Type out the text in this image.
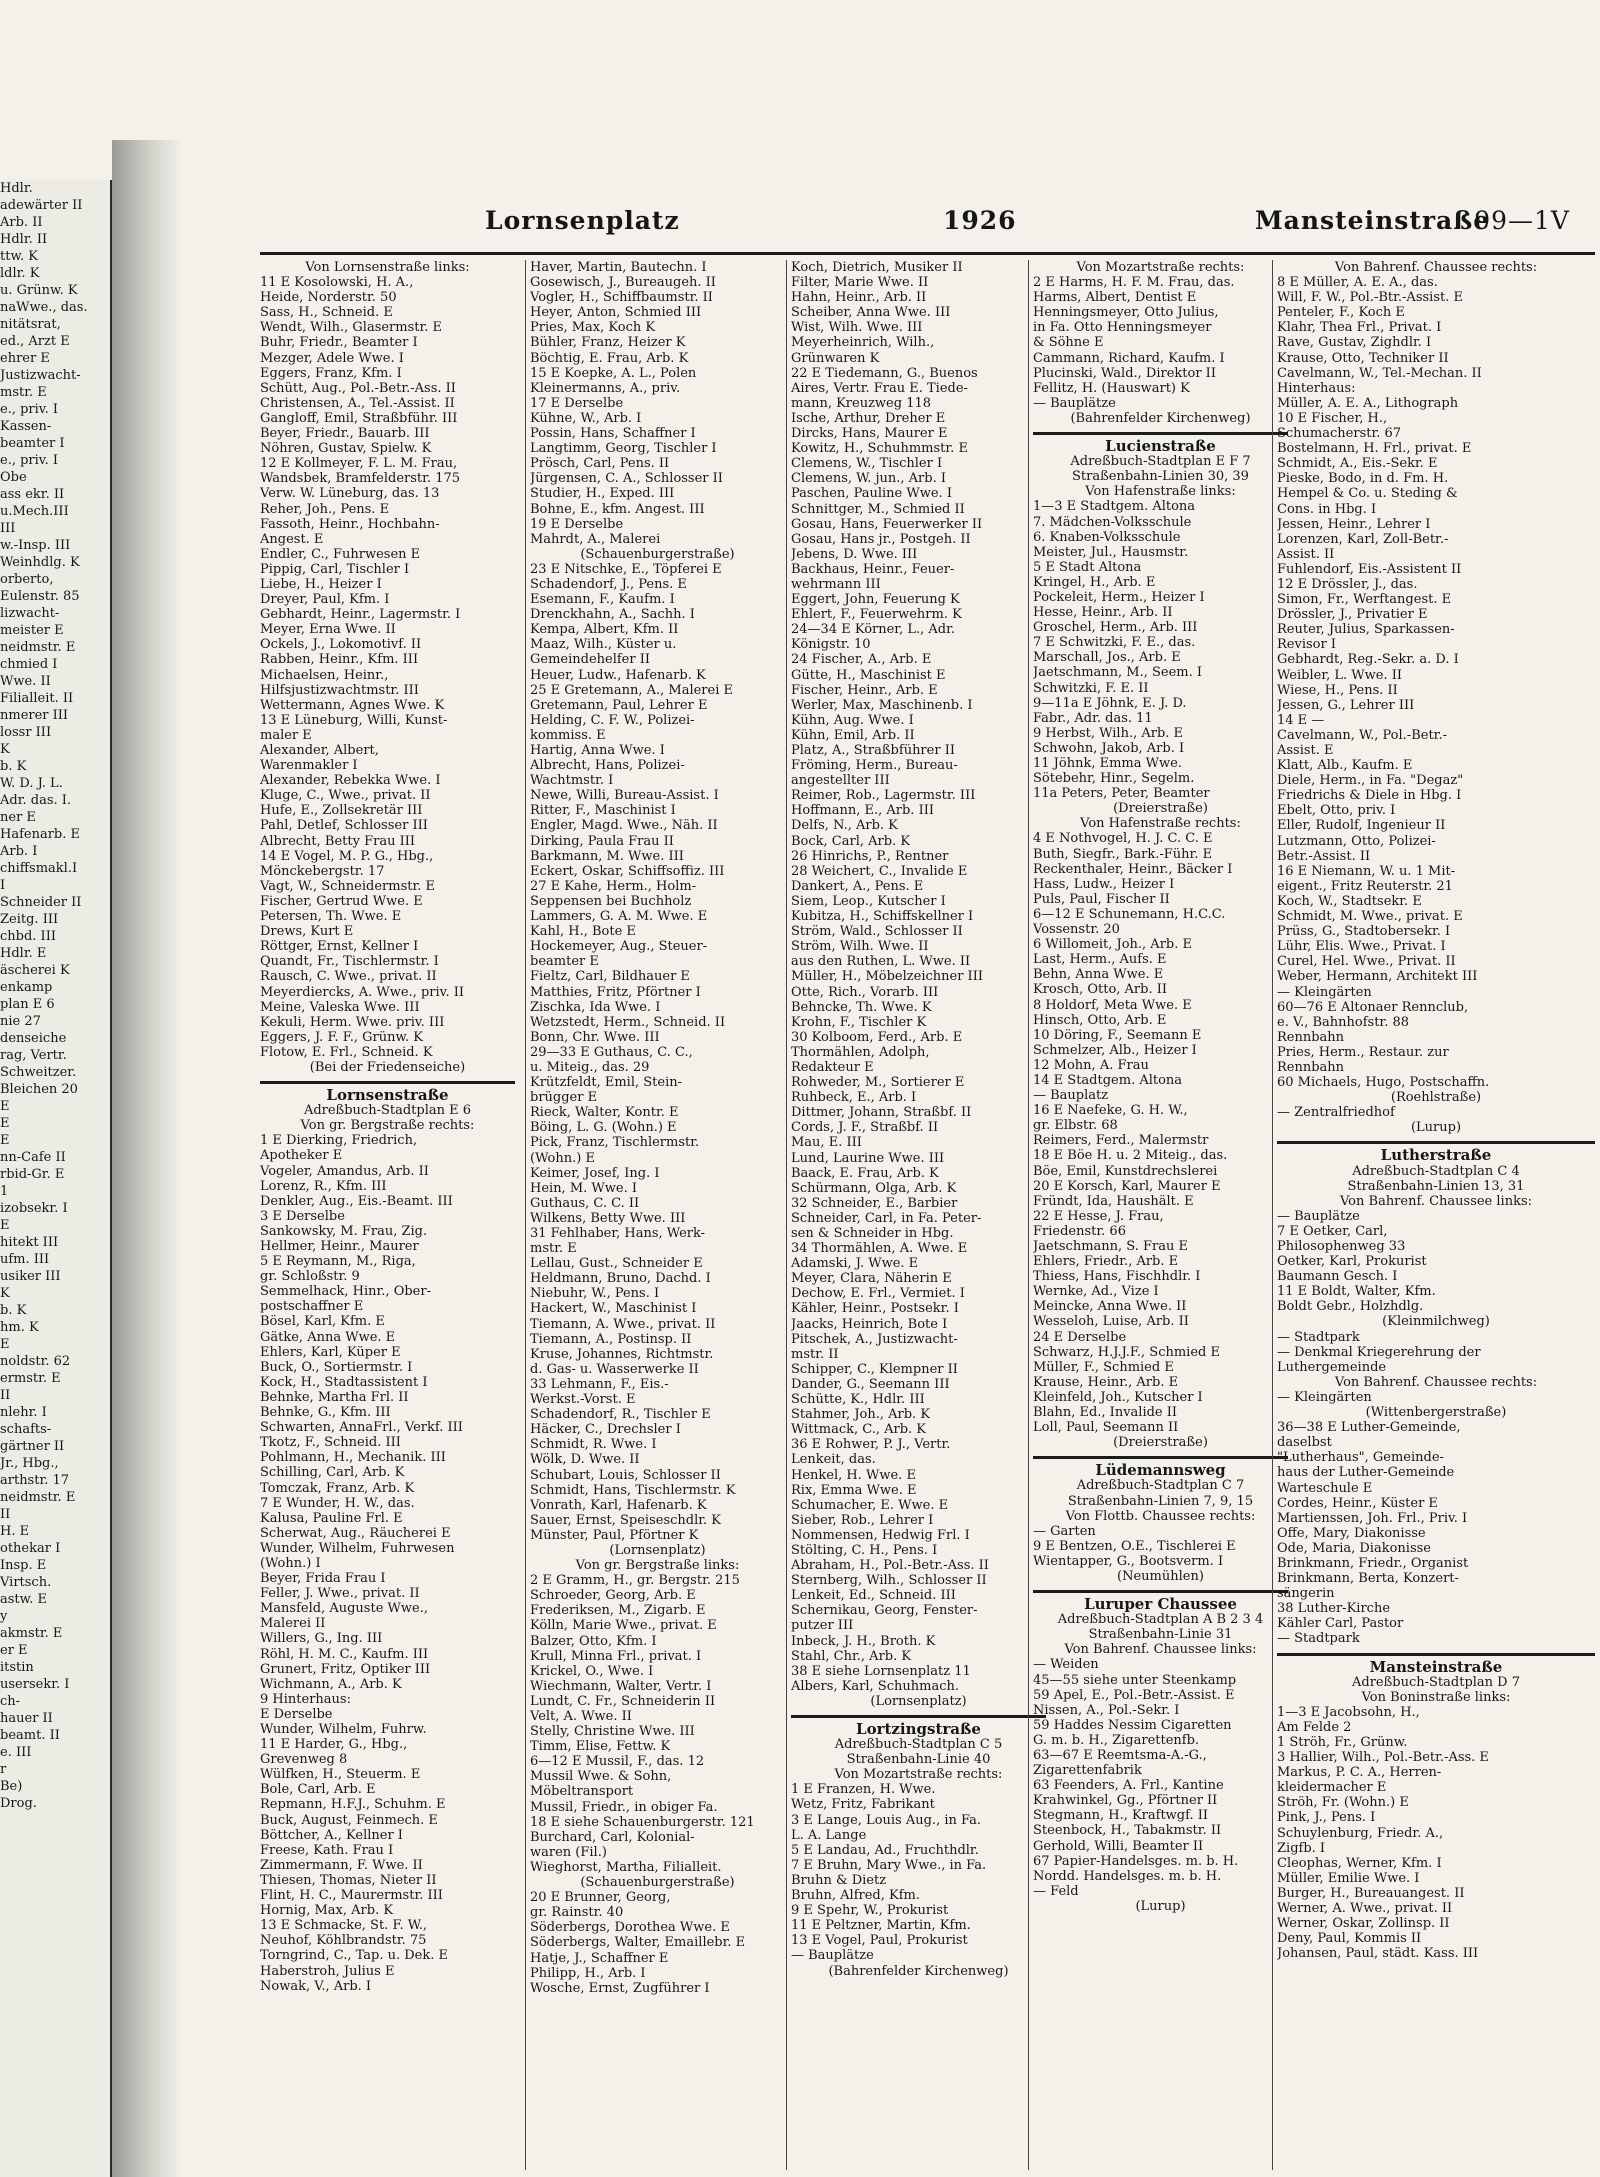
Hdlr.
adewärter II
Arb. II
Hdlr. II
ttw. K
ldlr. K
u. Grünw. K
naWwe., das.
nitätsrat,
ed., Arzt E
ehrer E
Justizwacht-
mstr. E
e., priv. I
Kassen-
beamter I
e., priv. I
Obe
ass ekr. II
u.Mech.III
III
w.-Insp. III
Weinhdlg. K
orberto,
Eulenstr. 85
lizwacht-
meister E
neidmstr. E
chmied I
Wwe. II
Filialleit. II
nmerer III
lossr III
K
b. K
W. D. J. L.
Adr. das. I.
ner E
Hafenarb. E
Arb. I
chiffsmakl.I
I
Schneider II
Zeitg. III
chbd. III
Hdlr. E
äscherei K
enkamp
plan E 6
nie 27
denseiche
rag, Vertr.
Schweitzer.
Bleichen 20
E
E
E
nn-Cafe II
rbid-Gr. E
1
izobsekr. I
E
hitekt III
ufm. III
usiker III
K
b. K
hm. K
E
noldstr. 62
ermstr. E
II
nlehr. I
schafts-
gärtner II
Jr., Hbg.,
arthstr. 17
neidmstr. E
II
H. E
othekar I
Insp. E
Virtsch.
astw. E
y
akmstr. E
er E
itstin
usersekr. I
ch-
hauer II
beamt. II
e. III
r
Be)
Drog.
Lornsenplatz	1926	Mansteinstraße
99—1V
Von Lornsenstraße links:
11 E Kosolowski, H. A.,
Heide, Norderstr. 50
Sass, H., Schneid. E
Wendt, Wilh., Glasermstr. E
Buhr, Friedr., Beamter I
Mezger, Adele Wwe. I
Eggers, Franz, Kfm. I
Schütt, Aug., Pol.-Betr.-Ass. II
Christensen, A., Tel.-Assist. II
Gangloff, Emil, Straßbführ. III
Beyer, Friedr., Bauarb. III
Nöhren, Gustav, Spielw. K
12 E Kollmeyer, F. L. M. Frau,
Wandsbek, Bramfelderstr. 175
Verw. W. Lüneburg, das. 13
Reher, Joh., Pens. E
Fassoth, Heinr., Hochbahn-
Angest. E
Endler, C., Fuhrwesen E
Pippig, Carl, Tischler I
Liebe, H., Heizer I
Dreyer, Paul, Kfm. I
Gebhardt, Heinr., Lagermstr. I
Meyer, Erna Wwe. II
Ockels, J., Lokomotivf. II
Rabben, Heinr., Kfm. III
Michaelsen, Heinr.,
Hilfsjustizwachtmstr. III
Wettermann, Agnes Wwe. K
13 E Lüneburg, Willi, Kunst-
maler E
Alexander, Albert,
Warenmakler I
Alexander, Rebekka Wwe. I
Kluge, C., Wwe., privat. II
Hufe, E., Zollsekretär III
Pahl, Detlef, Schlosser III
Albrecht, Betty Frau III
14 E Vogel, M. P. G., Hbg.,
Mönckebergstr. 17
Vagt, W., Schneidermstr. E
Fischer, Gertrud Wwe. E
Petersen, Th. Wwe. E
Drews, Kurt E
Röttger, Ernst, Kellner I
Quandt, Fr., Tischlermstr. I
Rausch, C. Wwe., privat. II
Meyerdiercks, A. Wwe., priv. II
Meine, Valeska Wwe. III
Kekuli, Herm. Wwe. priv. III
Eggers, J. F. F., Grünw. K
Flotow, E. Frl., Schneid. K
(Bei der Friedenseiche)
Lornsenstraße
Adreßbuch-Stadtplan E 6
Von gr. Bergstraße rechts:
1 E Dierking, Friedrich,
Apotheker E
Vogeler, Amandus, Arb. II
Lorenz, R., Kfm. III
Denkler, Aug., Eis.-Beamt. III
3 E Derselbe
Sankowsky, M. Frau, Zig.
Hellmer, Heinr., Maurer
5 E Reymann, M., Riga,
gr. Schloßstr. 9
Semmelhack, Hinr., Ober-
postschaffner E
Bösel, Karl, Kfm. E
Gätke, Anna Wwe. E
Ehlers, Karl, Küper E
Buck, O., Sortiermstr. I
Kock, H., Stadtassistent I
Behnke, Martha Frl. II
Behnke, G., Kfm. III
Schwarten, AnnaFrl., Verkf. III
Tkotz, F., Schneid. III
Pohlmann, H., Mechanik. III
Schilling, Carl, Arb. K
Tomczak, Franz, Arb. K
7 E Wunder, H. W., das.
Kalusa, Pauline Frl. E
Scherwat, Aug., Räucherei E
Wunder, Wilhelm, Fuhrwesen
(Wohn.) I
Beyer, Frida Frau I
Feller, J. Wwe., privat. II
Mansfeld, Auguste Wwe.,
Malerei II
Willers, G., Ing. III
Röhl, H. M. C., Kaufm. III
Grunert, Fritz, Optiker III
Wichmann, A., Arb. K
9 Hinterhaus:
E Derselbe
Wunder, Wilhelm, Fuhrw.
11 E Harder, G., Hbg.,
Grevenweg 8
Wülfken, H., Steuerm. E
Bole, Carl, Arb. E
Repmann, H.F.J., Schuhm. E
Buck, August, Feinmech. E
Böttcher, A., Kellner I
Freese, Kath. Frau I
Zimmermann, F. Wwe. II
Thiesen, Thomas, Nieter II
Flint, H. C., Maurermstr. III
Hornig, Max, Arb. K
13 E Schmacke, St. F. W.,
Neuhof, Köhlbrandstr. 75
Torngrind, C., Tap. u. Dek. E
Haberstroh, Julius E
Nowak, V., Arb. I
Haver, Martin, Bautechn. I
Gosewisch, J., Bureaugeh. II
Vogler, H., Schiffbaumstr. II
Heyer, Anton, Schmied III
Pries, Max, Koch K
Bühler, Franz, Heizer K
Böchtig, E. Frau, Arb. K
15 E Koepke, A. L., Polen
Kleinermanns, A., priv.
17 E Derselbe
Kühne, W., Arb. I
Possin, Hans, Schaffner I
Langtimm, Georg, Tischler I
Prösch, Carl, Pens. II
Jürgensen, C. A., Schlosser II
Studier, H., Exped. III
Bohne, E., kfm. Angest. III
19 E Derselbe
Mahrdt, A., Malerei
(Schauenburgerstraße)
23 E Nitschke, E., Töpferei E
Schadendorf, J., Pens. E
Esemann, F., Kaufm. I
Drenckhahn, A., Sachh. I
Kempa, Albert, Kfm. II
Maaz, Wilh., Küster u.
Gemeindehelfer II
Heuer, Ludw., Hafenarb. K
25 E Gretemann, A., Malerei E
Gretemann, Paul, Lehrer E
Helding, C. F. W., Polizei-
kommiss. E
Hartig, Anna Wwe. I
Albrecht, Hans, Polizei-
Wachtmstr. I
Newe, Willi, Bureau-Assist. I
Ritter, F., Maschinist I
Engler, Magd. Wwe., Näh. II
Dirking, Paula Frau II
Barkmann, M. Wwe. III
Eckert, Oskar, Schiffsoffiz. III
27 E Kahe, Herm., Holm-
Seppensen bei Buchholz
Lammers, G. A. M. Wwe. E
Kahl, H., Bote E
Hockemeyer, Aug., Steuer-
beamter E
Fieltz, Carl, Bildhauer E
Matthies, Fritz, Pförtner I
Zischka, Ida Wwe. I
Wetzstedt, Herm., Schneid. II
Bonn, Chr. Wwe. III
29—33 E Guthaus, C. C.,
u. Miteig., das. 29
Krützfeldt, Emil, Stein-
brügger E
Rieck, Walter, Kontr. E
Böing, L. G. (Wohn.) E
Pick, Franz, Tischlermstr.
(Wohn.) E
Keimer, Josef, Ing. I
Hein, M. Wwe. I
Guthaus, C. C. II
Wilkens, Betty Wwe. III
31 Fehlhaber, Hans, Werk-
mstr. E
Lellau, Gust., Schneider E
Heldmann, Bruno, Dachd. I
Niebuhr, W., Pens. I
Hackert, W., Maschinist I
Tiemann, A. Wwe., privat. II
Tiemann, A., Postinsp. II
Kruse, Johannes, Richtmstr.
d. Gas- u. Wasserwerke II
33 Lehmann, F., Eis.-
Werkst.-Vorst. E
Schadendorf, R., Tischler E
Häcker, C., Drechsler I
Schmidt, R. Wwe. I
Wölk, D. Wwe. II
Schubart, Louis, Schlosser II
Schmidt, Hans, Tischlermstr. K
Vonrath, Karl, Hafenarb. K
Sauer, Ernst, Speiseschdlr. K
Münster, Paul, Pförtner K
(Lornsenplatz)
Von gr. Bergstraße links:
2 E Gramm, H., gr. Bergstr. 215
Schroeder, Georg, Arb. E
Frederiksen, M., Zigarb. E
Kölln, Marie Wwe., privat. E
Balzer, Otto, Kfm. I
Krull, Minna Frl., privat. I
Krickel, O., Wwe. I
Wiechmann, Walter, Vertr. I
Lundt, C. Fr., Schneiderin II
Velt, A. Wwe. II
Stelly, Christine Wwe. III
Timm, Elise, Fettw. K
6—12 E Mussil, F., das. 12
Mussil Wwe. & Sohn,
Möbeltransport
Mussil, Friedr., in obiger Fa.
18 E siehe Schauenburgerstr. 121
Burchard, Carl, Kolonial-
waren (Fil.)
Wieghorst, Martha, Filialleit.
(Schauenburgerstraße)
20 E Brunner, Georg,
gr. Rainstr. 40
Söderbergs, Dorothea Wwe. E
Söderbergs, Walter, Emaillebr. E
Hatje, J., Schaffner E
Philipp, H., Arb. I
Wosche, Ernst, Zugführer I
Koch, Dietrich, Musiker II
Filter, Marie Wwe. II
Hahn, Heinr., Arb. II
Scheiber, Anna Wwe. III
Wist, Wilh. Wwe. III
Meyerheinrich, Wilh.,
Grünwaren K
22 E Tiedemann, G., Buenos
Aires, Vertr. Frau E. Tiede-
mann, Kreuzweg 118
Ische, Arthur, Dreher E
Dircks, Hans, Maurer E
Kowitz, H., Schuhmmstr. E
Clemens, W., Tischler I
Clemens, W. jun., Arb. I
Paschen, Pauline Wwe. I
Schnittger, M., Schmied II
Gosau, Hans, Feuerwerker II
Gosau, Hans jr., Postgeh. II
Jebens, D. Wwe. III
Backhaus, Heinr., Feuer-
wehrmann III
Eggert, John, Feuerung K
Ehlert, F., Feuerwehrm. K
24—34 E Körner, L., Adr.
Königstr. 10
24 Fischer, A., Arb. E
Gütte, H., Maschinist E
Fischer, Heinr., Arb. E
Werler, Max, Maschinenb. I
Kühn, Aug. Wwe. I
Kühn, Emil, Arb. II
Platz, A., Straßbführer II
Fröming, Herm., Bureau-
angestellter III
Reimer, Rob., Lagermstr. III
Hoffmann, E., Arb. III
Delfs, N., Arb. K
Bock, Carl, Arb. K
26 Hinrichs, P., Rentner
28 Weichert, C., Invalide E
Dankert, A., Pens. E
Siem, Leop., Kutscher I
Kubitza, H., Schiffskellner I
Ström, Wald., Schlosser II
Ström, Wilh. Wwe. II
aus den Ruthen, L. Wwe. II
Müller, H., Möbelzeichner III
Otte, Rich., Vorarb. III
Behncke, Th. Wwe. K
Krohn, F., Tischler K
30 Kolboom, Ferd., Arb. E
Thormählen, Adolph,
Redakteur E
Rohweder, M., Sortierer E
Ruhbeck, E., Arb. I
Dittmer, Johann, Straßbf. II
Cords, J. F., Straßbf. II
Mau, E. III
Lund, Laurine Wwe. III
Baack, E. Frau, Arb. K
Schürmann, Olga, Arb. K
32 Schneider, E., Barbier
Schneider, Carl, in Fa. Peter-
sen & Schneider in Hbg.
34 Thormählen, A. Wwe. E
Adamski, J. Wwe. E
Meyer, Clara, Näherin E
Dechow, E. Frl., Vermiet. I
Kähler, Heinr., Postsekr. I
Jaacks, Heinrich, Bote I
Pitschek, A., Justizwacht-
mstr. II
Schipper, C., Klempner II
Dander, G., Seemann III
Schütte, K., Hdlr. III
Stahmer, Joh., Arb. K
Wittmack, C., Arb. K
36 E Rohwer, P. J., Vertr.
Lenkeit, das.
Henkel, H. Wwe. E
Rix, Emma Wwe. E
Schumacher, E. Wwe. E
Sieber, Rob., Lehrer I
Nommensen, Hedwig Frl. I
Stölting, C. H., Pens. I
Abraham, H., Pol.-Betr.-Ass. II
Sternberg, Wilh., Schlosser II
Lenkeit, Ed., Schneid. III
Schernikau, Georg, Fenster-
putzer III
Inbeck, J. H., Broth. K
Stahl, Chr., Arb. K
38 E siehe Lornsenplatz 11
Albers, Karl, Schuhmach.
(Lornsenplatz)
Lortzingstraße
Adreßbuch-Stadtplan C 5
Straßenbahn-Linie 40
Von Mozartstraße rechts:
1 E Franzen, H. Wwe.
Wetz, Fritz, Fabrikant
3 E Lange, Louis Aug., in Fa.
L. A. Lange
5 E Landau, Ad., Fruchthdlr.
7 E Bruhn, Mary Wwe., in Fa.
Bruhn & Dietz
Bruhn, Alfred, Kfm.
9 E Spehr, W., Prokurist
11 E Peltzner, Martin, Kfm.
13 E Vogel, Paul, Prokurist
— Bauplätze
(Bahrenfelder Kirchenweg)
Von Mozartstraße rechts:
2 E Harms, H. F. M. Frau, das.
Harms, Albert, Dentist E
Henningsmeyer, Otto Julius,
in Fa. Otto Henningsmeyer
& Söhne E
Cammann, Richard, Kaufm. I
Plucinski, Wald., Direktor II
Fellitz, H. (Hauswart) K
— Bauplätze
(Bahrenfelder Kirchenweg)
Lucienstraße
Adreßbuch-Stadtplan E F 7
Straßenbahn-Linien 30, 39
Von Hafenstraße links:
1—3 E Stadtgem. Altona
7. Mädchen-Volksschule
6. Knaben-Volksschule
Meister, Jul., Hausmstr.
5 E Stadt Altona
Kringel, H., Arb. E
Pockeleit, Herm., Heizer I
Hesse, Heinr., Arb. II
Groschel, Herm., Arb. III
7 E Schwitzki, F. E., das.
Marschall, Jos., Arb. E
Jaetschmann, M., Seem. I
Schwitzki, F. E. II
9—11a E Jöhnk, E. J. D.
Fabr., Adr. das. 11
9 Herbst, Wilh., Arb. E
Schwohn, Jakob, Arb. I
11 Jöhnk, Emma Wwe.
Sötebehr, Hinr., Segelm.
11a Peters, Peter, Beamter
(Dreierstraße)
Von Hafenstraße rechts:
4 E Nothvogel, H. J. C. C. E
Buth, Siegfr., Bark.-Führ. E
Reckenthaler, Heinr., Bäcker I
Hass, Ludw., Heizer I
Puls, Paul, Fischer II
6—12 E Schunemann, H.C.C.
Vossenstr. 20
6 Willomeit, Joh., Arb. E
Last, Herm., Aufs. E
Behn, Anna Wwe. E
Krosch, Otto, Arb. II
8 Holdorf, Meta Wwe. E
Hinsch, Otto, Arb. E
10 Döring, F., Seemann E
Schmelzer, Alb., Heizer I
12 Mohn, A. Frau
14 E Stadtgem. Altona
— Bauplatz
16 E Naefeke, G. H. W.,
gr. Elbstr. 68
Reimers, Ferd., Malermstr
18 E Böe H. u. 2 Miteig., das.
Böe, Emil, Kunstdrechslerei
20 E Korsch, Karl, Maurer E
Fründt, Ida, Haushält. E
22 E Hesse, J. Frau,
Friedenstr. 66
Jaetschmann, S. Frau E
Ehlers, Friedr., Arb. E
Thiess, Hans, Fischhdlr. I
Wernke, Ad., Vize I
Meincke, Anna Wwe. II
Wesseloh, Luise, Arb. II
24 E Derselbe
Schwarz, H.J.J.F., Schmied E
Müller, F., Schmied E
Krause, Heinr., Arb. E
Kleinfeld, Joh., Kutscher I
Blahn, Ed., Invalide II
Loll, Paul, Seemann II
(Dreierstraße)
Lüdemannsweg
Adreßbuch-Stadtplan C 7
Straßenbahn-Linien 7, 9, 15
Von Flottb. Chaussee rechts:
— Garten
9 E Bentzen, O.E., Tischlerei E
Wientapper, G., Bootsverm. I
(Neumühlen)
Luruper Chaussee
Adreßbuch-Stadtplan A B 2 3 4
Straßenbahn-Linie 31
Von Bahrenf. Chaussee links:
— Weiden
45—55 siehe unter Steenkamp
59 Apel, E., Pol.-Betr.-Assist. E
Nissen, A., Pol.-Sekr. I
59 Haddes Nessim Cigaretten
G. m. b. H., Zigarettenfb.
63—67 E Reemtsma-A.-G.,
Zigarettenfabrik
63 Feenders, A. Frl., Kantine
Krahwinkel, Gg., Pförtner II
Stegmann, H., Kraftwgf. II
Steenbock, H., Tabakmstr. II
Gerhold, Willi, Beamter II
67 Papier-Handelsges. m. b. H.
Nordd. Handelsges. m. b. H.
— Feld
(Lurup)
Von Bahrenf. Chaussee rechts:
8 E Müller, A. E. A., das.
Will, F. W., Pol.-Btr.-Assist. E
Penteler, F., Koch E
Klahr, Thea Frl., Privat. I
Rave, Gustav, Zighdlr. I
Krause, Otto, Techniker II
Cavelmann, W., Tel.-Mechan. II
Hinterhaus:
Müller, A. E. A., Lithograph
10 E Fischer, H.,
Schumacherstr. 67
Bostelmann, H. Frl., privat. E
Schmidt, A., Eis.-Sekr. E
Pieske, Bodo, in d. Fm. H.
Hempel & Co. u. Steding &
Cons. in Hbg. I
Jessen, Heinr., Lehrer I
Lorenzen, Karl, Zoll-Betr.-
Assist. II
Fuhlendorf, Eis.-Assistent II
12 E Drössler, J., das.
Simon, Fr., Werftangest. E
Drössler, J., Privatier E
Reuter, Julius, Sparkassen-
Revisor I
Gebhardt, Reg.-Sekr. a. D. I
Weibler, L. Wwe. II
Wiese, H., Pens. II
Jessen, G., Lehrer III
14 E —
Cavelmann, W., Pol.-Betr.-
Assist. E
Klatt, Alb., Kaufm. E
Diele, Herm., in Fa. "Degaz"
Friedrichs & Diele in Hbg. I
Ebelt, Otto, priv. I
Eller, Rudolf, Ingenieur II
Lutzmann, Otto, Polizei-
Betr.-Assist. II
16 E Niemann, W. u. 1 Mit-
eigent., Fritz Reuterstr. 21
Koch, W., Stadtsekr. E
Schmidt, M. Wwe., privat. E
Prüss, G., Stadtobersekr. I
Lühr, Elis. Wwe., Privat. I
Curel, Hel. Wwe., Privat. II
Weber, Hermann, Architekt III
— Kleingärten
60—76 E Altonaer Rennclub,
e. V., Bahnhofstr. 88
Rennbahn
Pries, Herm., Restaur. zur
Rennbahn
60 Michaels, Hugo, Postschaffn.
(Roehlstraße)
— Zentralfriedhof
(Lurup)
Lutherstraße
Adreßbuch-Stadtplan C 4
Straßenbahn-Linien 13, 31
Von Bahrenf. Chaussee links:
— Bauplätze
7 E Oetker, Carl,
Philosophenweg 33
Oetker, Karl, Prokurist
Baumann Gesch. I
11 E Boldt, Walter, Kfm.
Boldt Gebr., Holzhdlg.
(Kleinmilchweg)
— Stadtpark
— Denkmal Kriegerehrung der
Luthergemeinde
Von Bahrenf. Chaussee rechts:
— Kleingärten
(Wittenbergerstraße)
36—38 E Luther-Gemeinde,
daselbst
"Lutherhaus", Gemeinde-
haus der Luther-Gemeinde
Warteschule E
Cordes, Heinr., Küster E
Martienssen, Joh. Frl., Priv. I
Offe, Mary, Diakonisse
Ode, Maria, Diakonisse
Brinkmann, Friedr., Organist
Brinkmann, Berta, Konzert-
sängerin
38 Luther-Kirche
Kähler Carl, Pastor
— Stadtpark
Mansteinstraße
Adreßbuch-Stadtplan D 7
Von Boninstraße links:
1—3 E Jacobsohn, H.,
Am Felde 2
1 Ströh, Fr., Grünw.
3 Hallier, Wilh., Pol.-Betr.-Ass. E
Markus, P. C. A., Herren-
kleidermacher E
Ströh, Fr. (Wohn.) E
Pink, J., Pens. I
Schuylenburg, Friedr. A.,
Zigfb. I
Cleophas, Werner, Kfm. I
Müller, Emilie Wwe. I
Burger, H., Bureauangest. II
Werner, A. Wwe., privat. II
Werner, Oskar, Zollinsp. II
Deny, Paul, Kommis II
Johansen, Paul, städt. Kass. III
